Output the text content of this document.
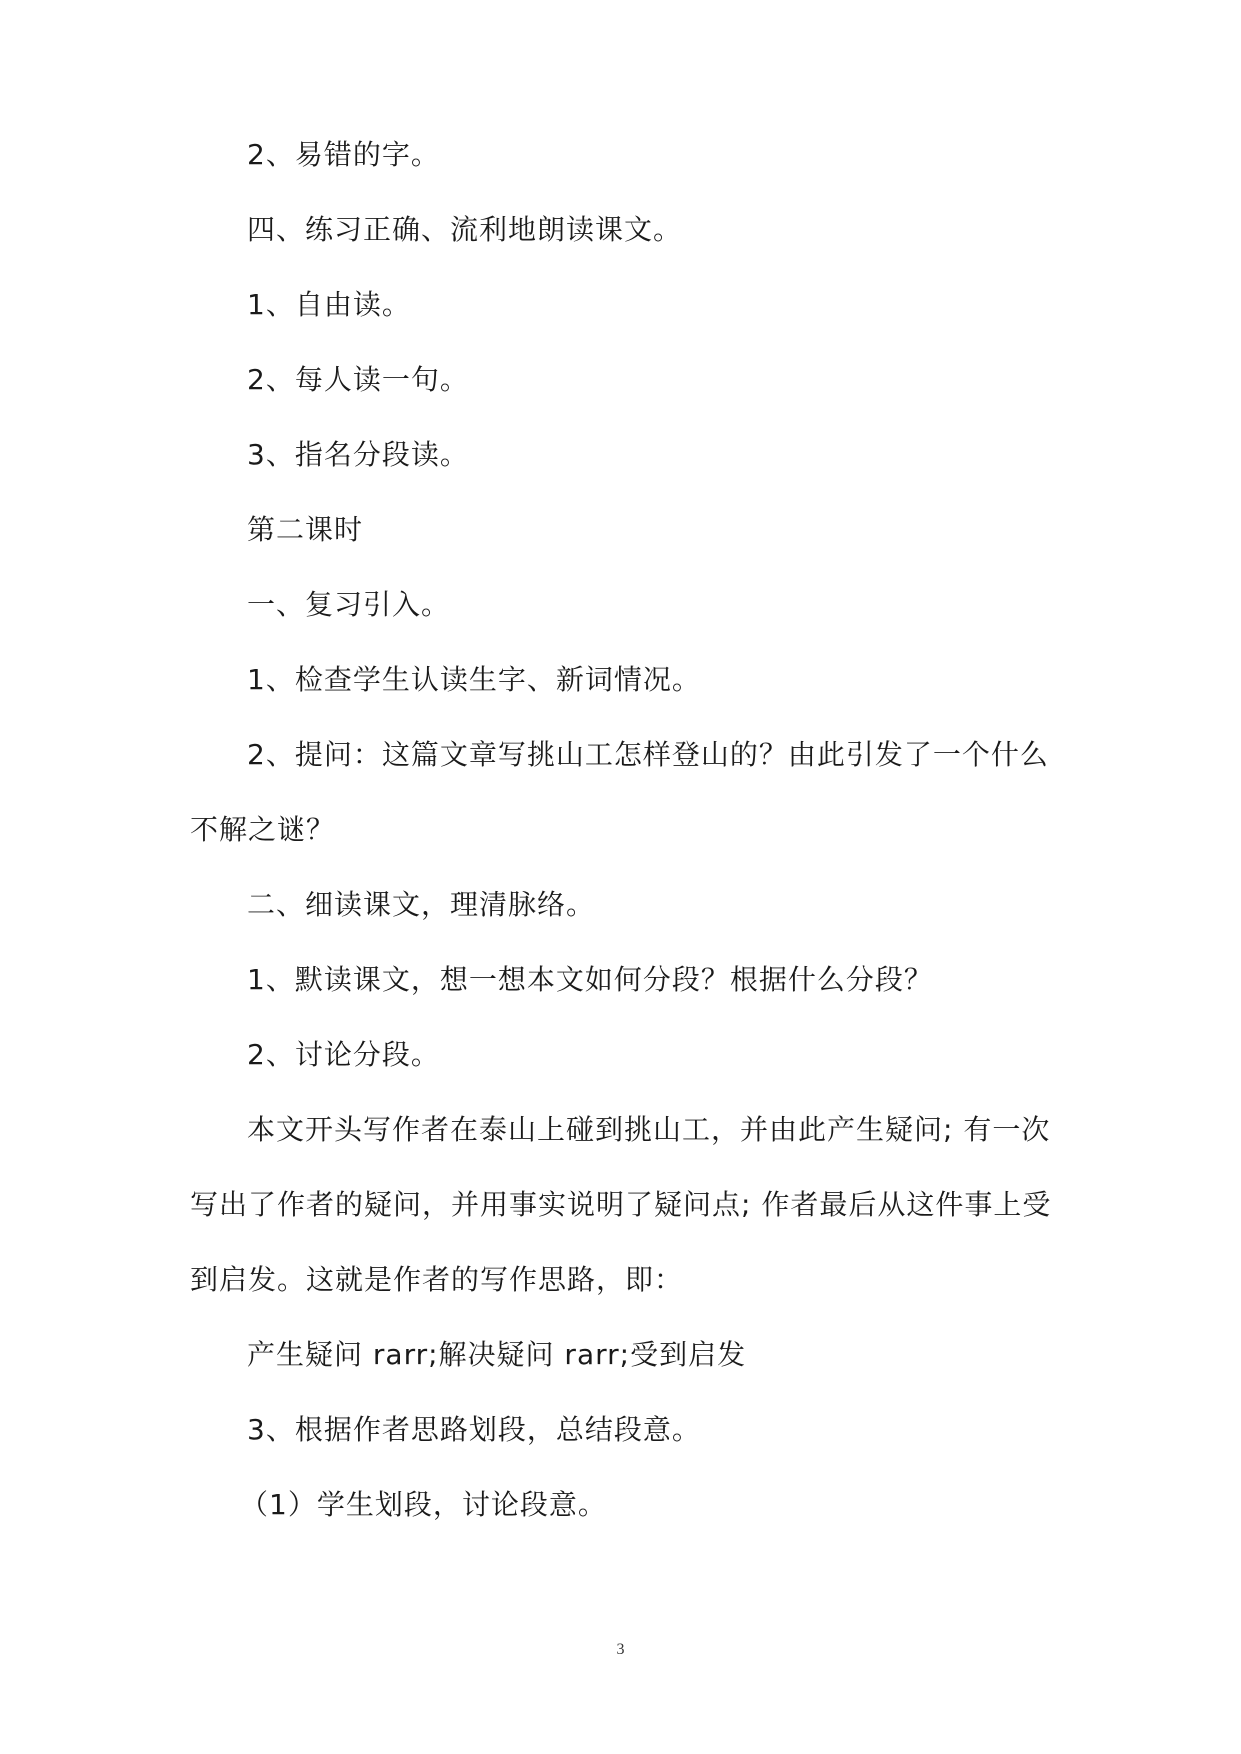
2、易错的字。
四、练习正确、流利地朗读课文。
1、自由读。
2、每人读一句。
3、指名分段读。
第二课时
一、复习引入。
1、检查学生认读生字、新词情况。
2、提问：这篇文章写挑山工怎样登山的？由此引发了一个什么
不解之谜？
二、细读课文，理清脉络。
1、默读课文，想一想本文如何分段？根据什么分段？
2、讨论分段。
本文开头写作者在泰山上碰到挑山工，并由此产生疑问; 有一次
写出了作者的疑问，并用事实说明了疑问点; 作者最后从这件事上受
到启发。这就是作者的写作思路，即：
产生疑问 rarr;解决疑问 rarr;受到启发
3、根据作者思路划段，总结段意。
（1）学生划段，讨论段意。
3
